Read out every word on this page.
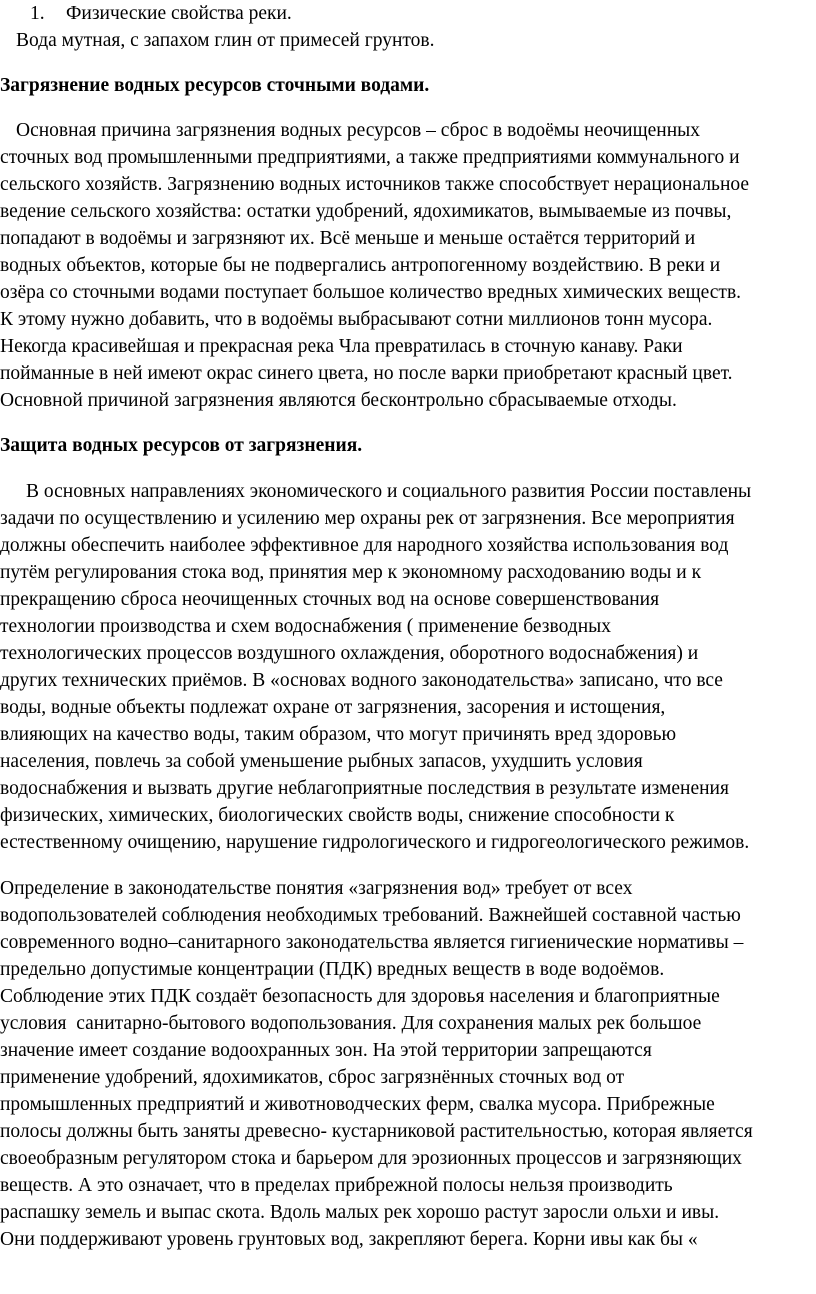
1. Физические свойства реки.
Вода мутная, с запахом глин от примесей грунтов.
Загрязнение водных ресурсов сточными водами.
Основная причина загрязнения водных ресурсов – сброс в водоёмы неочищенных
сточных вод промышленными предприятиями, а также предприятиями коммунального и
сельского хозяйств. Загрязнению водных источников также способствует нерациональное
ведение сельского хозяйства: остатки удобрений, ядохимикатов, вымываемые из почвы,
попадают в водоёмы и загрязняют их. Всё меньше и меньше остаётся территорий и
водных объектов, которые бы не подвергались антропогенному воздействию. В реки и
озёра со сточными водами поступает большое количество вредных химических веществ.
К этому нужно добавить, что в водоёмы выбрасывают сотни миллионов тонн мусора.
Некогда красивейшая и прекрасная река Чла превратилась в сточную канаву. Раки
пойманные в ней имеют окрас синего цвета, но после варки приобретают красный цвет.
Основной причиной загрязнения являются бесконтрольно сбрасываемые отходы.
Защита водных ресурсов от загрязнения.
В основных направлениях экономического и социального развития России поставлены
задачи по осуществлению и усилению мер охраны рек от загрязнения. Все мероприятия
должны обеспечить наиболее эффективное для народного хозяйства использования вод
путём регулирования стока вод, принятия мер к экономному расходованию воды и к
прекращению сброса неочищенных сточных вод на основе совершенствования
технологии производства и схем водоснабжения ( применение безводных
технологических процессов воздушного охлаждения, оборотного водоснабжения) и
других технических приёмов. В «основах водного законодательства» записано, что все
воды, водные объекты подлежат охране от загрязнения, засорения и истощения,
влияющих на качество воды, таким образом, что могут причинять вред здоровью
населения, повлечь за собой уменьшение рыбных запасов, ухудшить условия
водоснабжения и вызвать другие неблагоприятные последствия в результате изменения
физических, химических, биологических свойств воды, снижение способности к
естественному очищению, нарушение гидрологического и гидрогеологического режимов.
Определение в законодательстве понятия «загрязнения вод» требует от всех
водопользователей соблюдения необходимых требований. Важнейшей составной частью
современного водно–санитарного законодательства является гигиенические нормативы –
предельно допустимые концентрации (ПДК) вредных веществ в воде водоёмов.
Соблюдение этих ПДК создаёт безопасность для здоровья населения и благоприятные
условия  санитарно-бытового водопользования. Для сохранения малых рек большое
значение имеет создание водоохранных зон. На этой территории запрещаются
применение удобрений, ядохимикатов, сброс загрязнённых сточных вод от
промышленных предприятий и животноводческих ферм, свалка мусора. Прибрежные
полосы должны быть заняты древесно- кустарниковой растительностью, которая является
своеобразным регулятором стока и барьером для эрозионных процессов и загрязняющих
веществ. А это означает, что в пределах прибрежной полосы нельзя производить
распашку земель и выпас скота. Вдоль малых рек хорошо растут заросли ольхи и ивы.
Они поддерживают уровень грунтовых вод, закрепляют берега. Корни ивы как бы «
